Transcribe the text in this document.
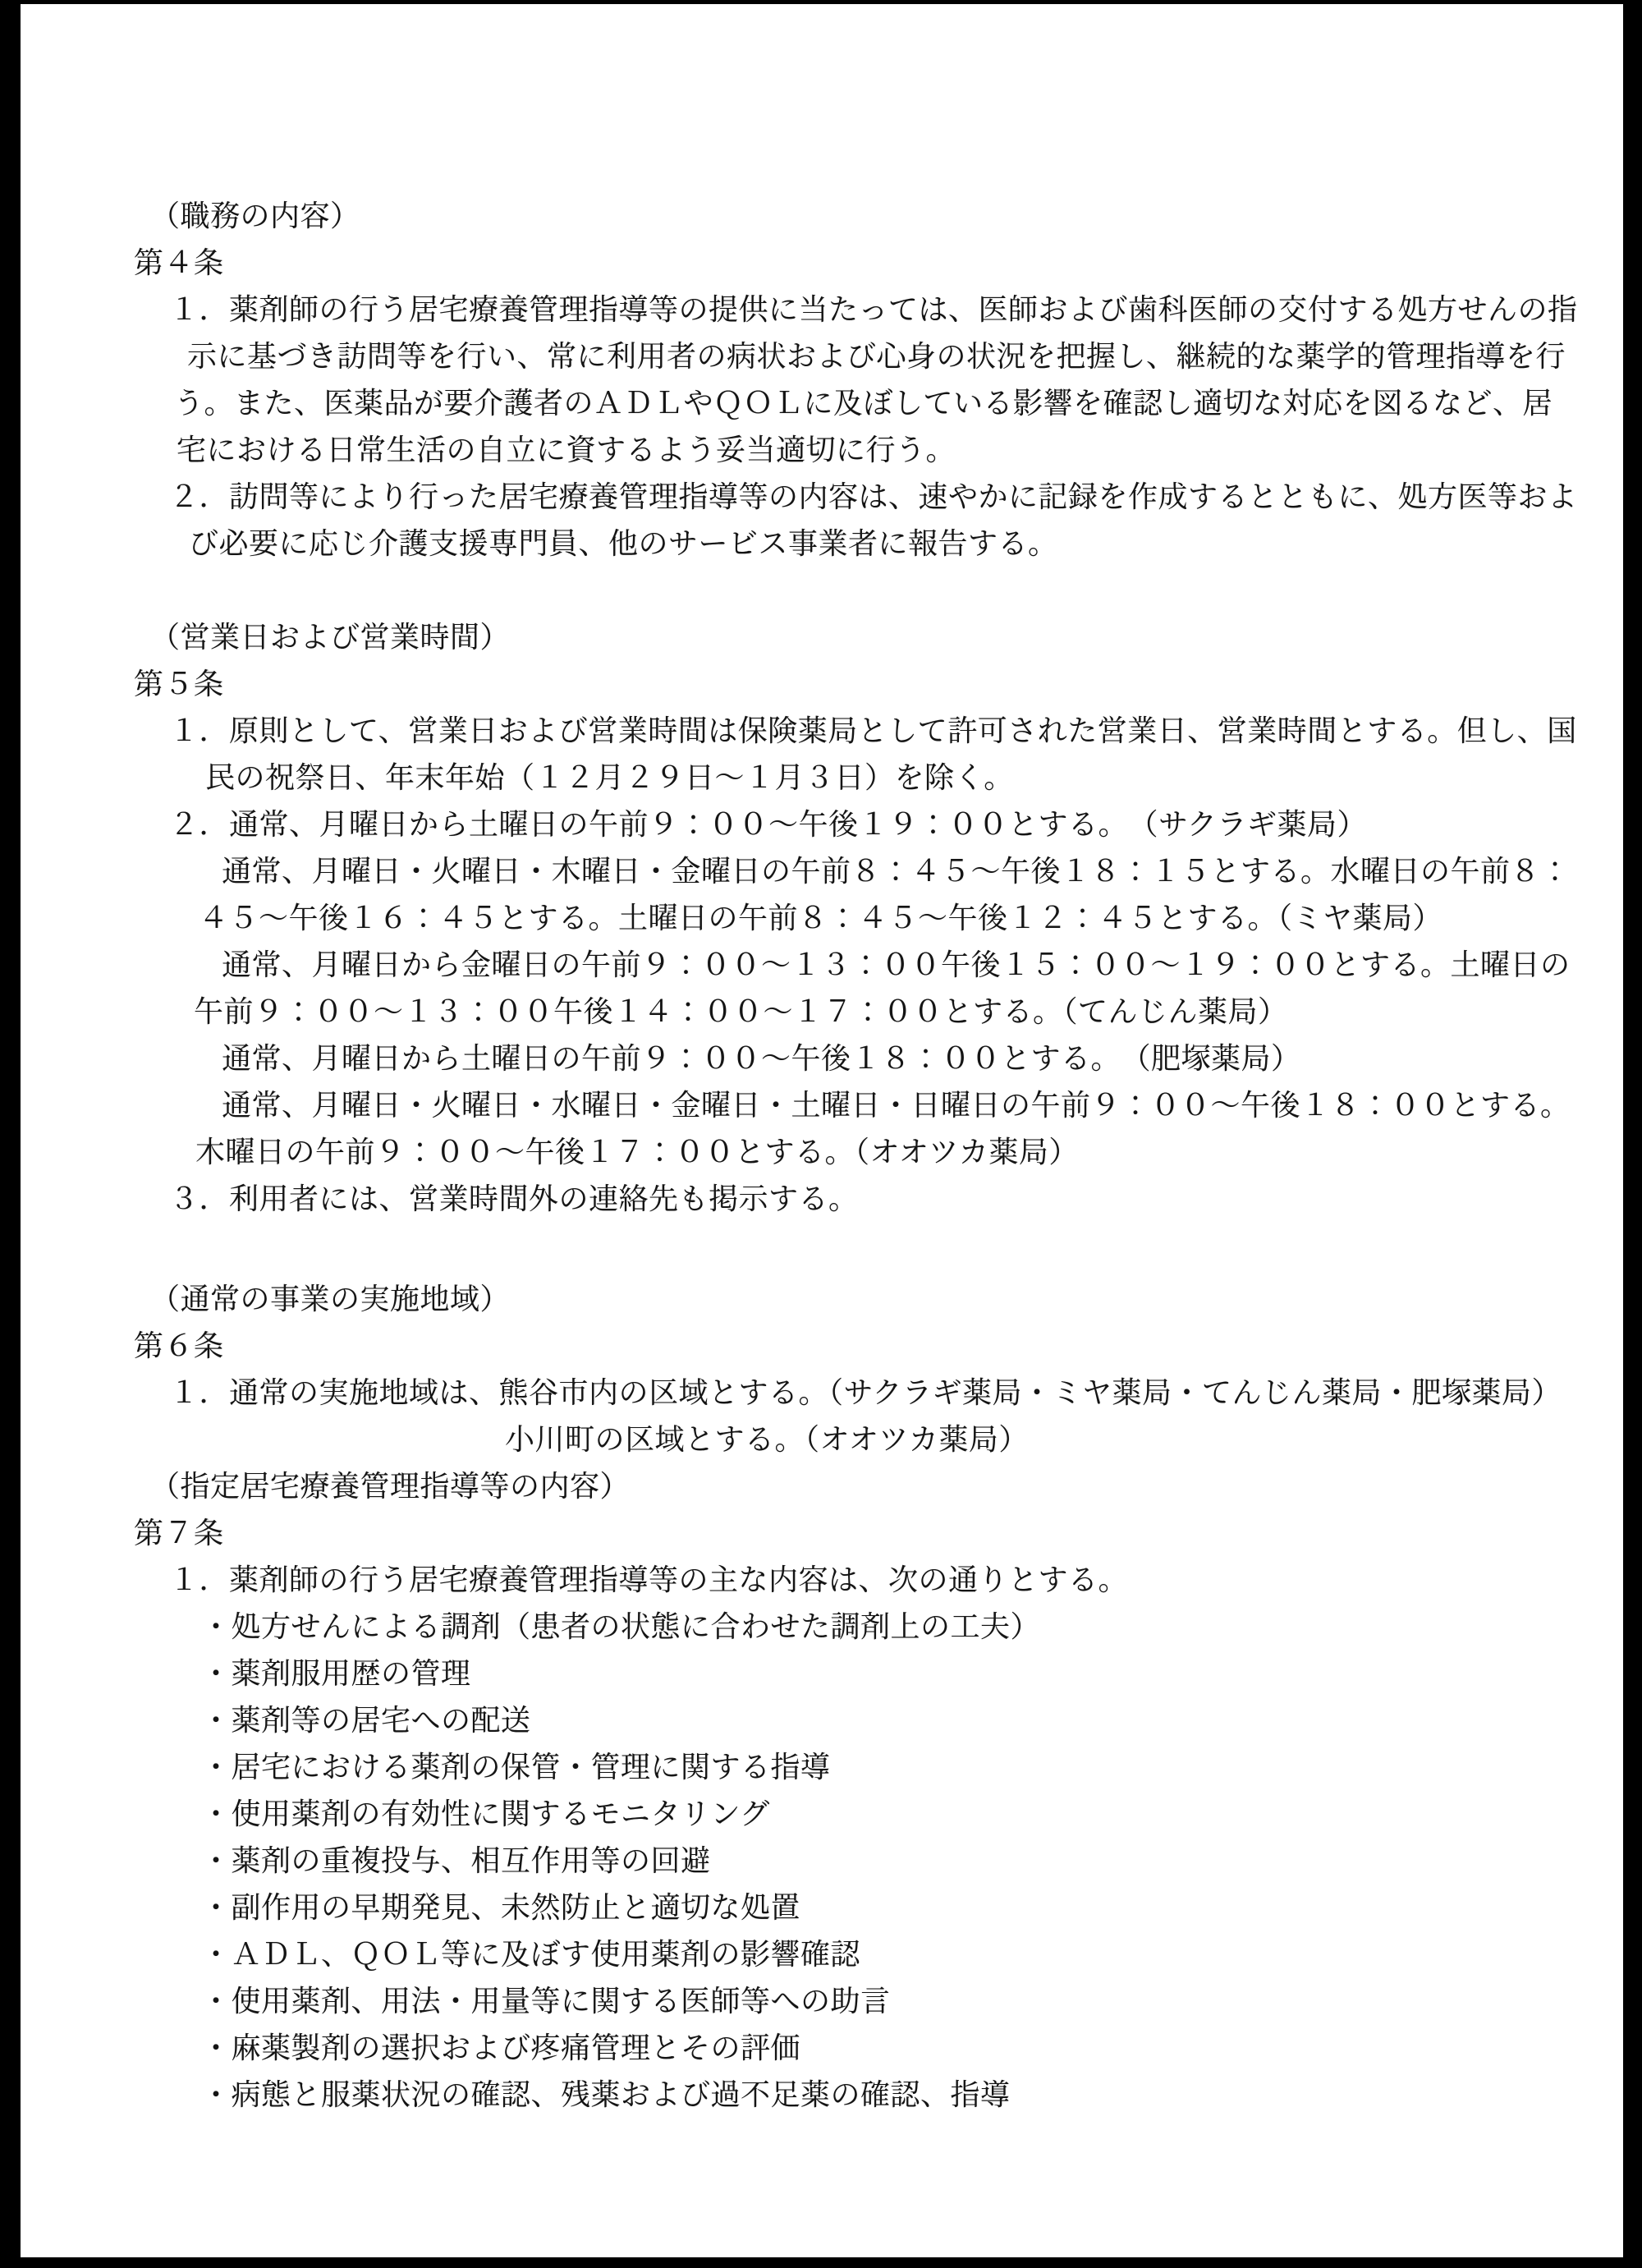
（職務の内容）
第４条
１．薬剤師の行う居宅療養管理指導等の提供に当たっては、医師および歯科医師の交付する処方せんの指
示に基づき訪問等を行い、常に利用者の病状および心身の状況を把握し、継続的な薬学的管理指導を行
う。また、医薬品が要介護者のＡＤＬやＱＯＬに及ぼしている影響を確認し適切な対応を図るなど、居
宅における日常生活の自立に資するよう妥当適切に行う。
２．訪問等により行った居宅療養管理指導等の内容は、速やかに記録を作成するとともに、処方医等およ
び必要に応じ介護支援専門員、他のサービス事業者に報告する。
（営業日および営業時間）
第５条
１．原則として、営業日および営業時間は保険薬局として許可された営業日、営業時間とする。但し、国
民の祝祭日、年末年始（１２月２９日～１月３日）を除く。
２．通常、月曜日から土曜日の午前９：００～午後１９：００とする。　（サクラギ薬局）
通常、月曜日・火曜日・木曜日・金曜日の午前８：４５～午後１８：１５とする。水曜日の午前８：
４５～午後１６：４５とする。土曜日の午前８：４５～午後１２：４５とする。（ミヤ薬局）
通常、月曜日から金曜日の午前９：００～１３：００午後１５：００～１９：００とする。土曜日の
午前９：００～１３：００午後１４：００～１７：００とする。（てんじん薬局）
通常、月曜日から土曜日の午前９：００～午後１８：００とする。　（肥塚薬局）
通常、月曜日・火曜日・水曜日・金曜日・土曜日・日曜日の午前９：００～午後１８：００とする。
木曜日の午前９：００～午後１７：００とする。（オオツカ薬局）
３．利用者には、営業時間外の連絡先も掲示する。
（通常の事業の実施地域）
第６条
１．通常の実施地域は、熊谷市内の区域とする。（サクラギ薬局・ミヤ薬局・てんじん薬局・肥塚薬局）
小川町の区域とする。（オオツカ薬局）
（指定居宅療養管理指導等の内容）
第７条
１．薬剤師の行う居宅療養管理指導等の主な内容は、次の通りとする。
・処方せんによる調剤（患者の状態に合わせた調剤上の工夫）
・薬剤服用歴の管理
・薬剤等の居宅への配送
・居宅における薬剤の保管・管理に関する指導
・使用薬剤の有効性に関するモニタリング
・薬剤の重複投与、相互作用等の回避
・副作用の早期発見、未然防止と適切な処置
・ＡＤＬ、ＱＯＬ等に及ぼす使用薬剤の影響確認
・使用薬剤、用法・用量等に関する医師等への助言
・麻薬製剤の選択および疼痛管理とその評価
・病態と服薬状況の確認、残薬および過不足薬の確認、指導
